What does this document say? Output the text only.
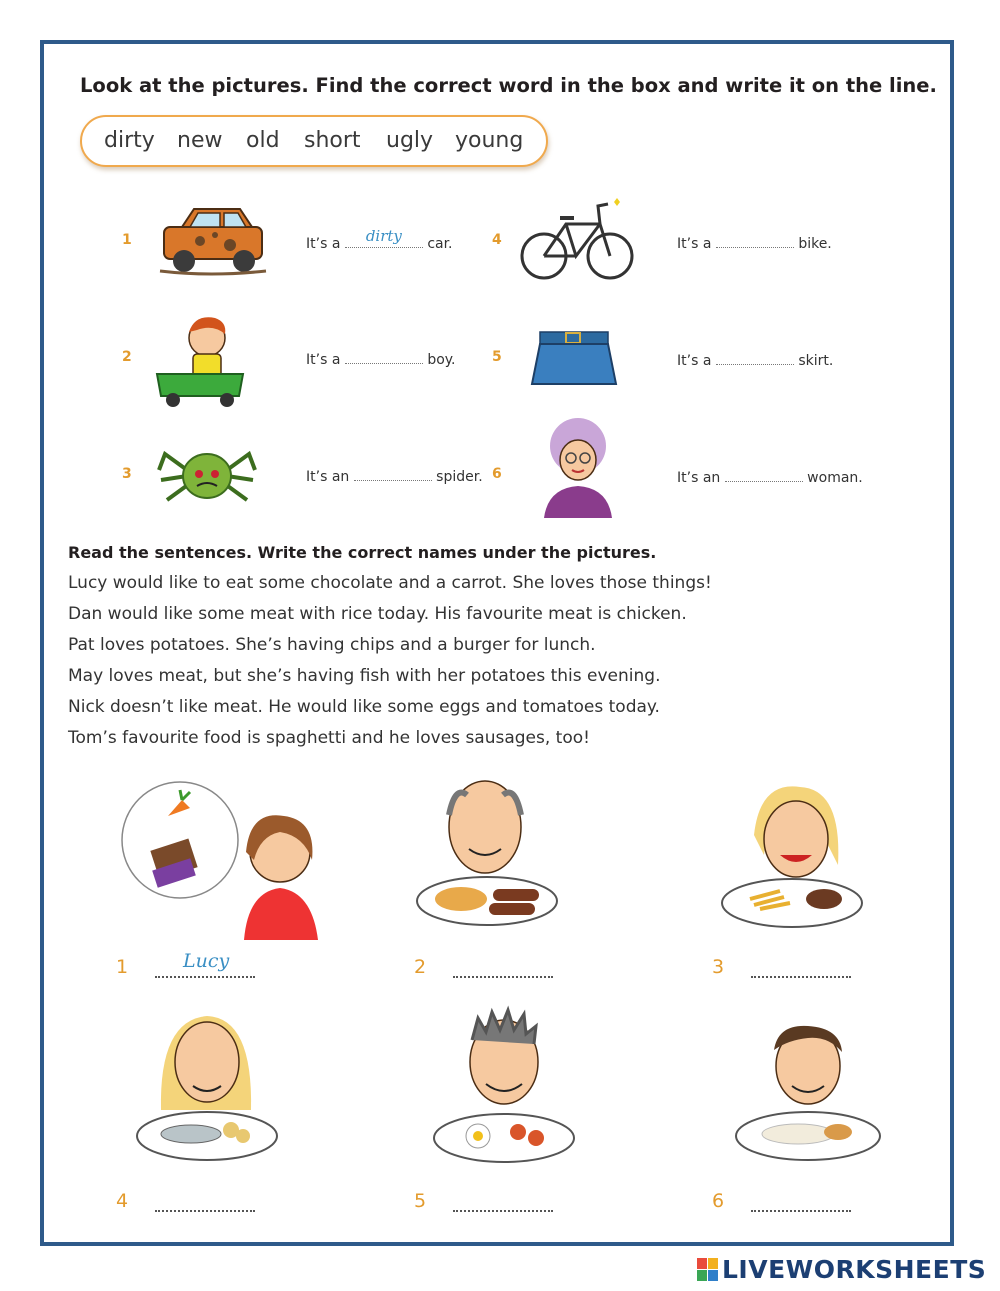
Look at the pictures. Find the correct word in the box and write it on the line.
dirty new old short ugly young
1	It’s a	dirty	car.
2	It’s a	boy.
3	It’s an	spider.
4	It’s a	bike.
5	It’s a	skirt.
6	It’s an	woman.
Read the sentences. Write the correct names under the pictures.
Lucy would like to eat some chocolate and a carrot. She loves those things!
Dan would like some meat with rice today. His favourite meat is chicken.
Pat loves potatoes. She’s having chips and a burger for lunch.
May loves meat, but she’s having fish with her potatoes this evening.
Nick doesn’t like meat. He would like some eggs and tomatoes today.
Tom’s favourite food is spaghetti and he loves sausages, too!
1	Lucy	2	3
4	5	6
LIVEWORKSHEETS
